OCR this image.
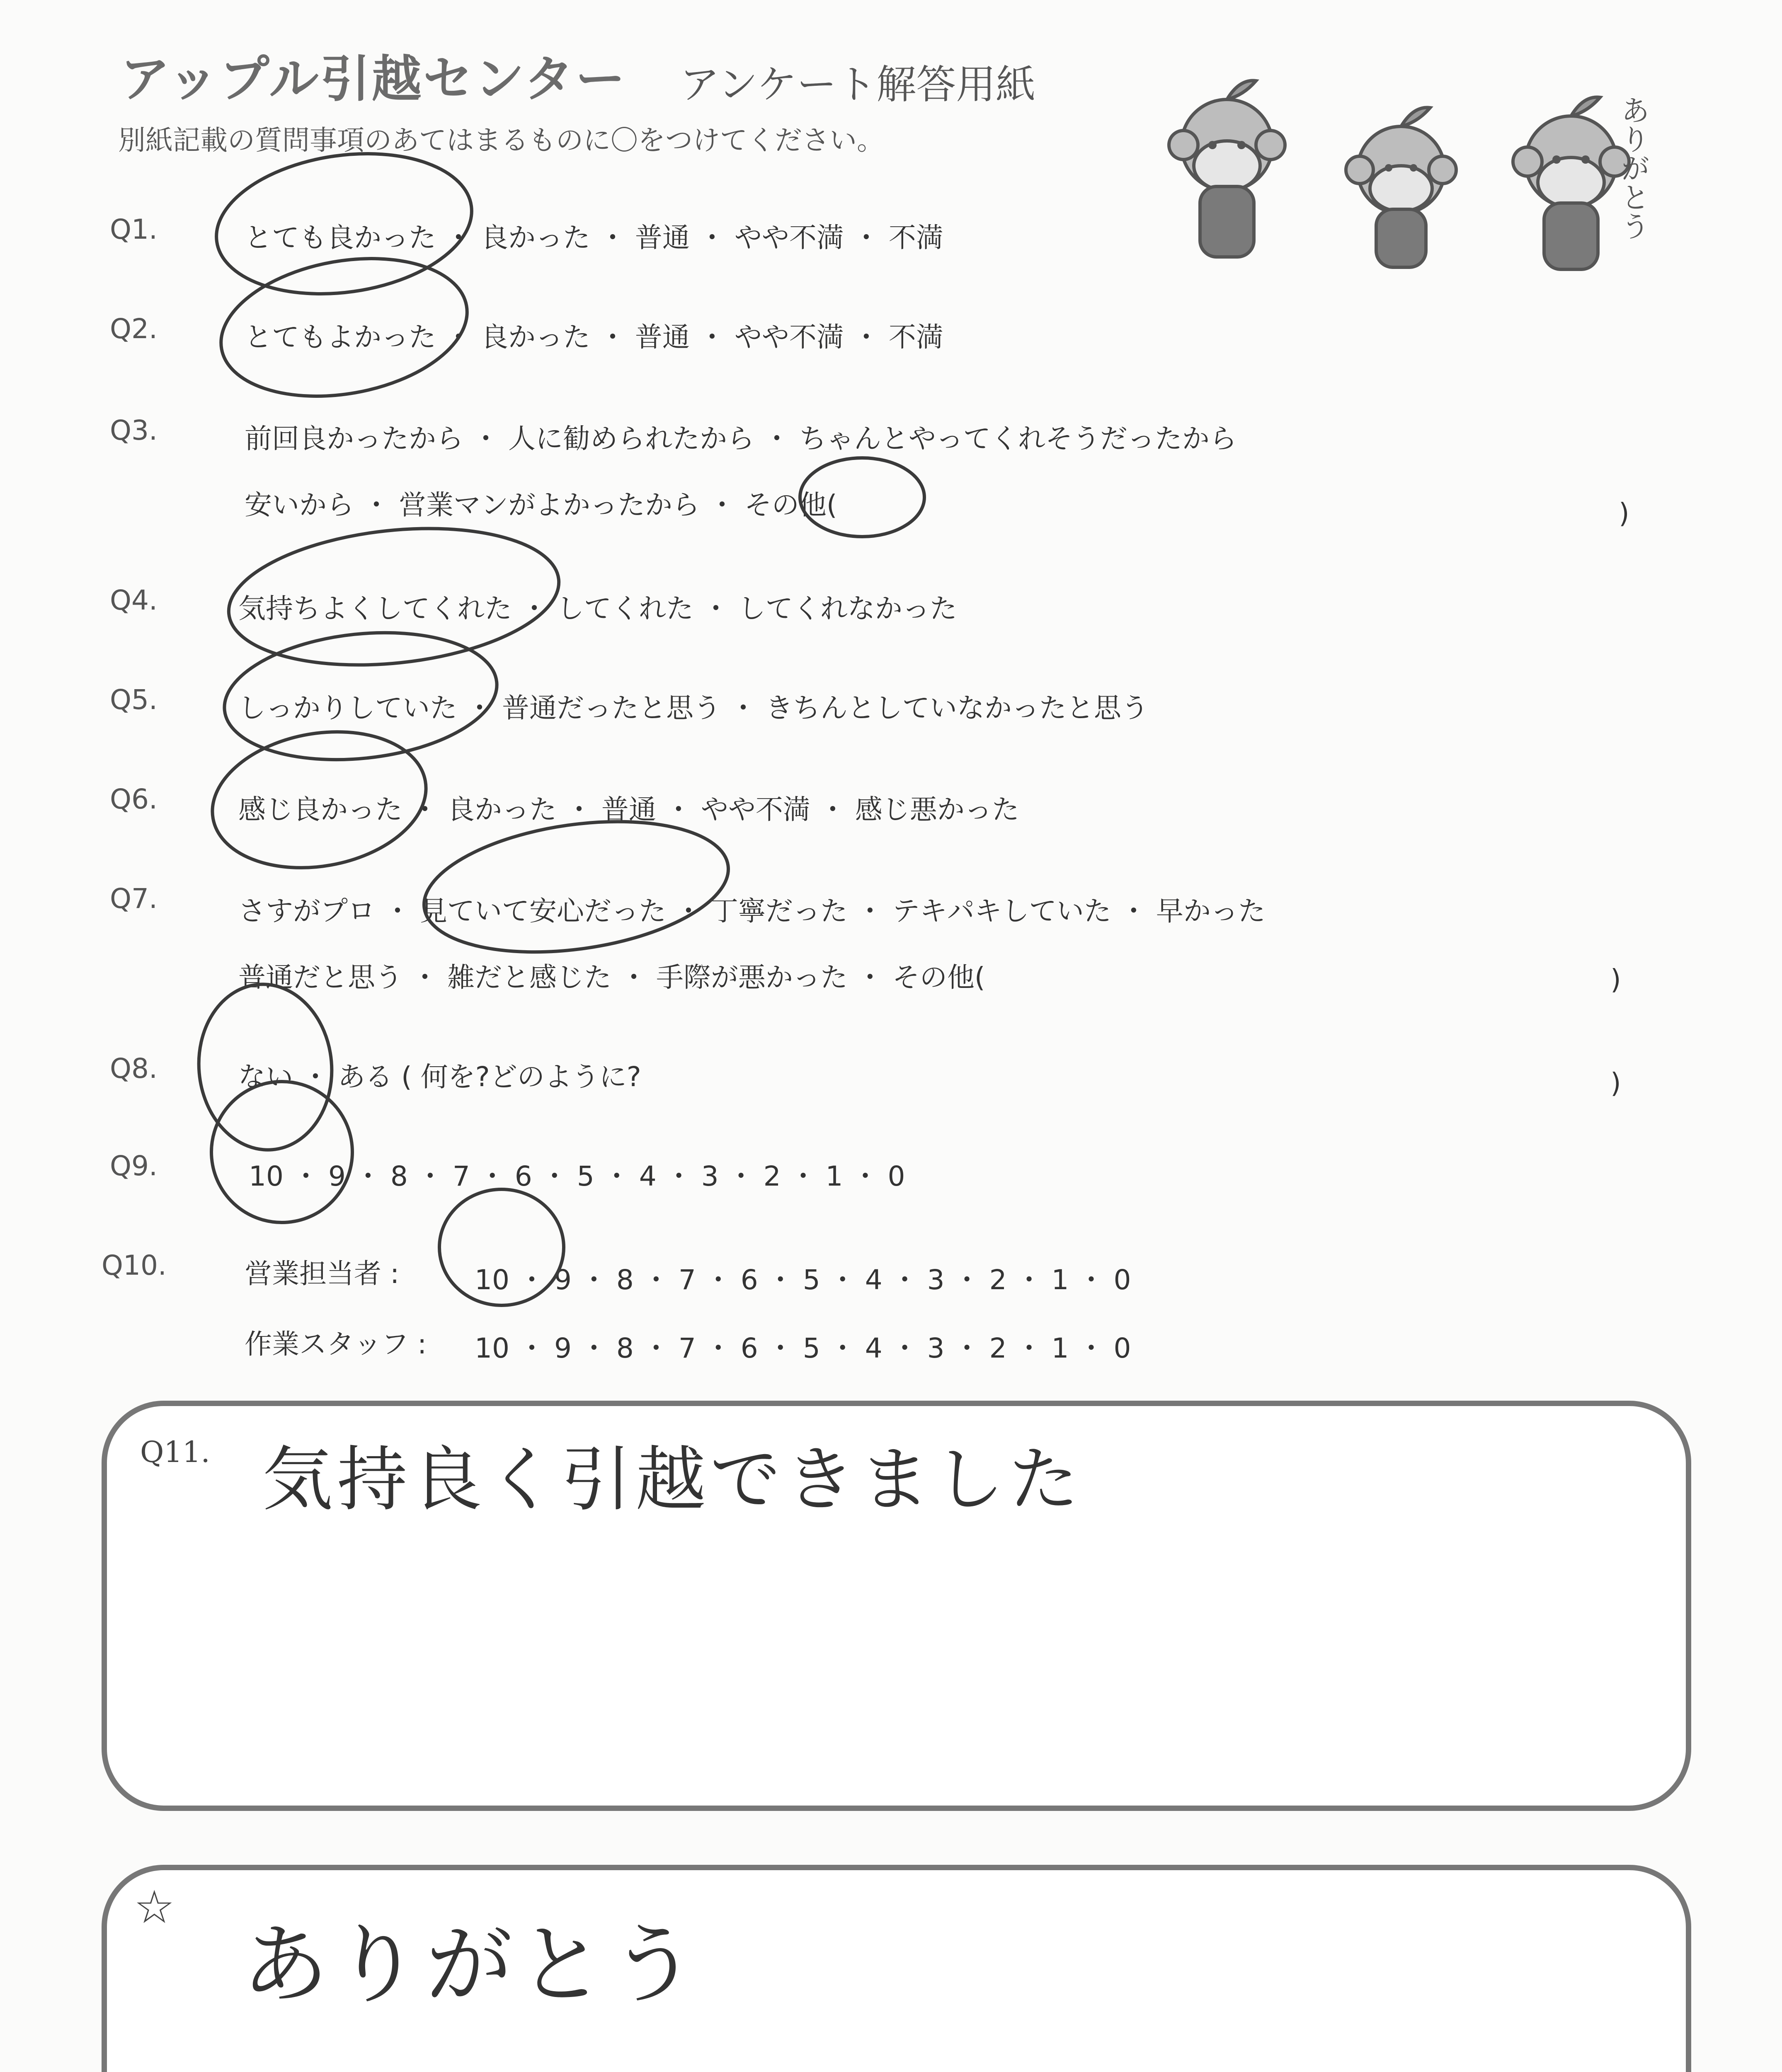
アップル引越センター アンケート解答用紙
別紙記載の質問事項のあてはまるものに〇をつけてください。	ありがとう
Q1.	とても良かった ・ 良かった ・ 普通 ・ やや不満 ・ 不満
Q2.	とてもよかった ・ 良かった ・ 普通 ・ やや不満 ・ 不満
Q3.	前回良かったから ・ 人に勧められたから ・ ちゃんとやってくれそうだったから
安いから ・ 営業マンがよかったから ・ その他(	)
Q4.	気持ちよくしてくれた ・ してくれた ・ してくれなかった
Q5.	しっかりしていた ・ 普通だったと思う ・ きちんとしていなかったと思う
Q6.	感じ良かった ・ 良かった ・ 普通 ・ やや不満 ・ 感じ悪かった
Q7.	さすがプロ ・ 見ていて安心だった ・ 丁寧だった ・ テキパキしていた ・ 早かった
普通だと思う ・ 雑だと感じた ・ 手際が悪かった ・ その他(	)
Q8.	ない ・ ある ( 何を?どのように?	)
Q9.	10 ・ 9 ・ 8 ・ 7 ・ 6 ・ 5 ・ 4 ・ 3 ・ 2 ・ 1 ・ 0
Q10.	営業担当者 :	10 ・ 9 ・ 8 ・ 7 ・ 6 ・ 5 ・ 4 ・ 3 ・ 2 ・ 1 ・ 0
作業スタッフ : 10 ・ 9 ・ 8 ・ 7 ・ 6 ・ 5 ・ 4 ・ 3 ・ 2 ・ 1 ・ 0
Q11. 気持良く引越できました
☆
ありがとう
